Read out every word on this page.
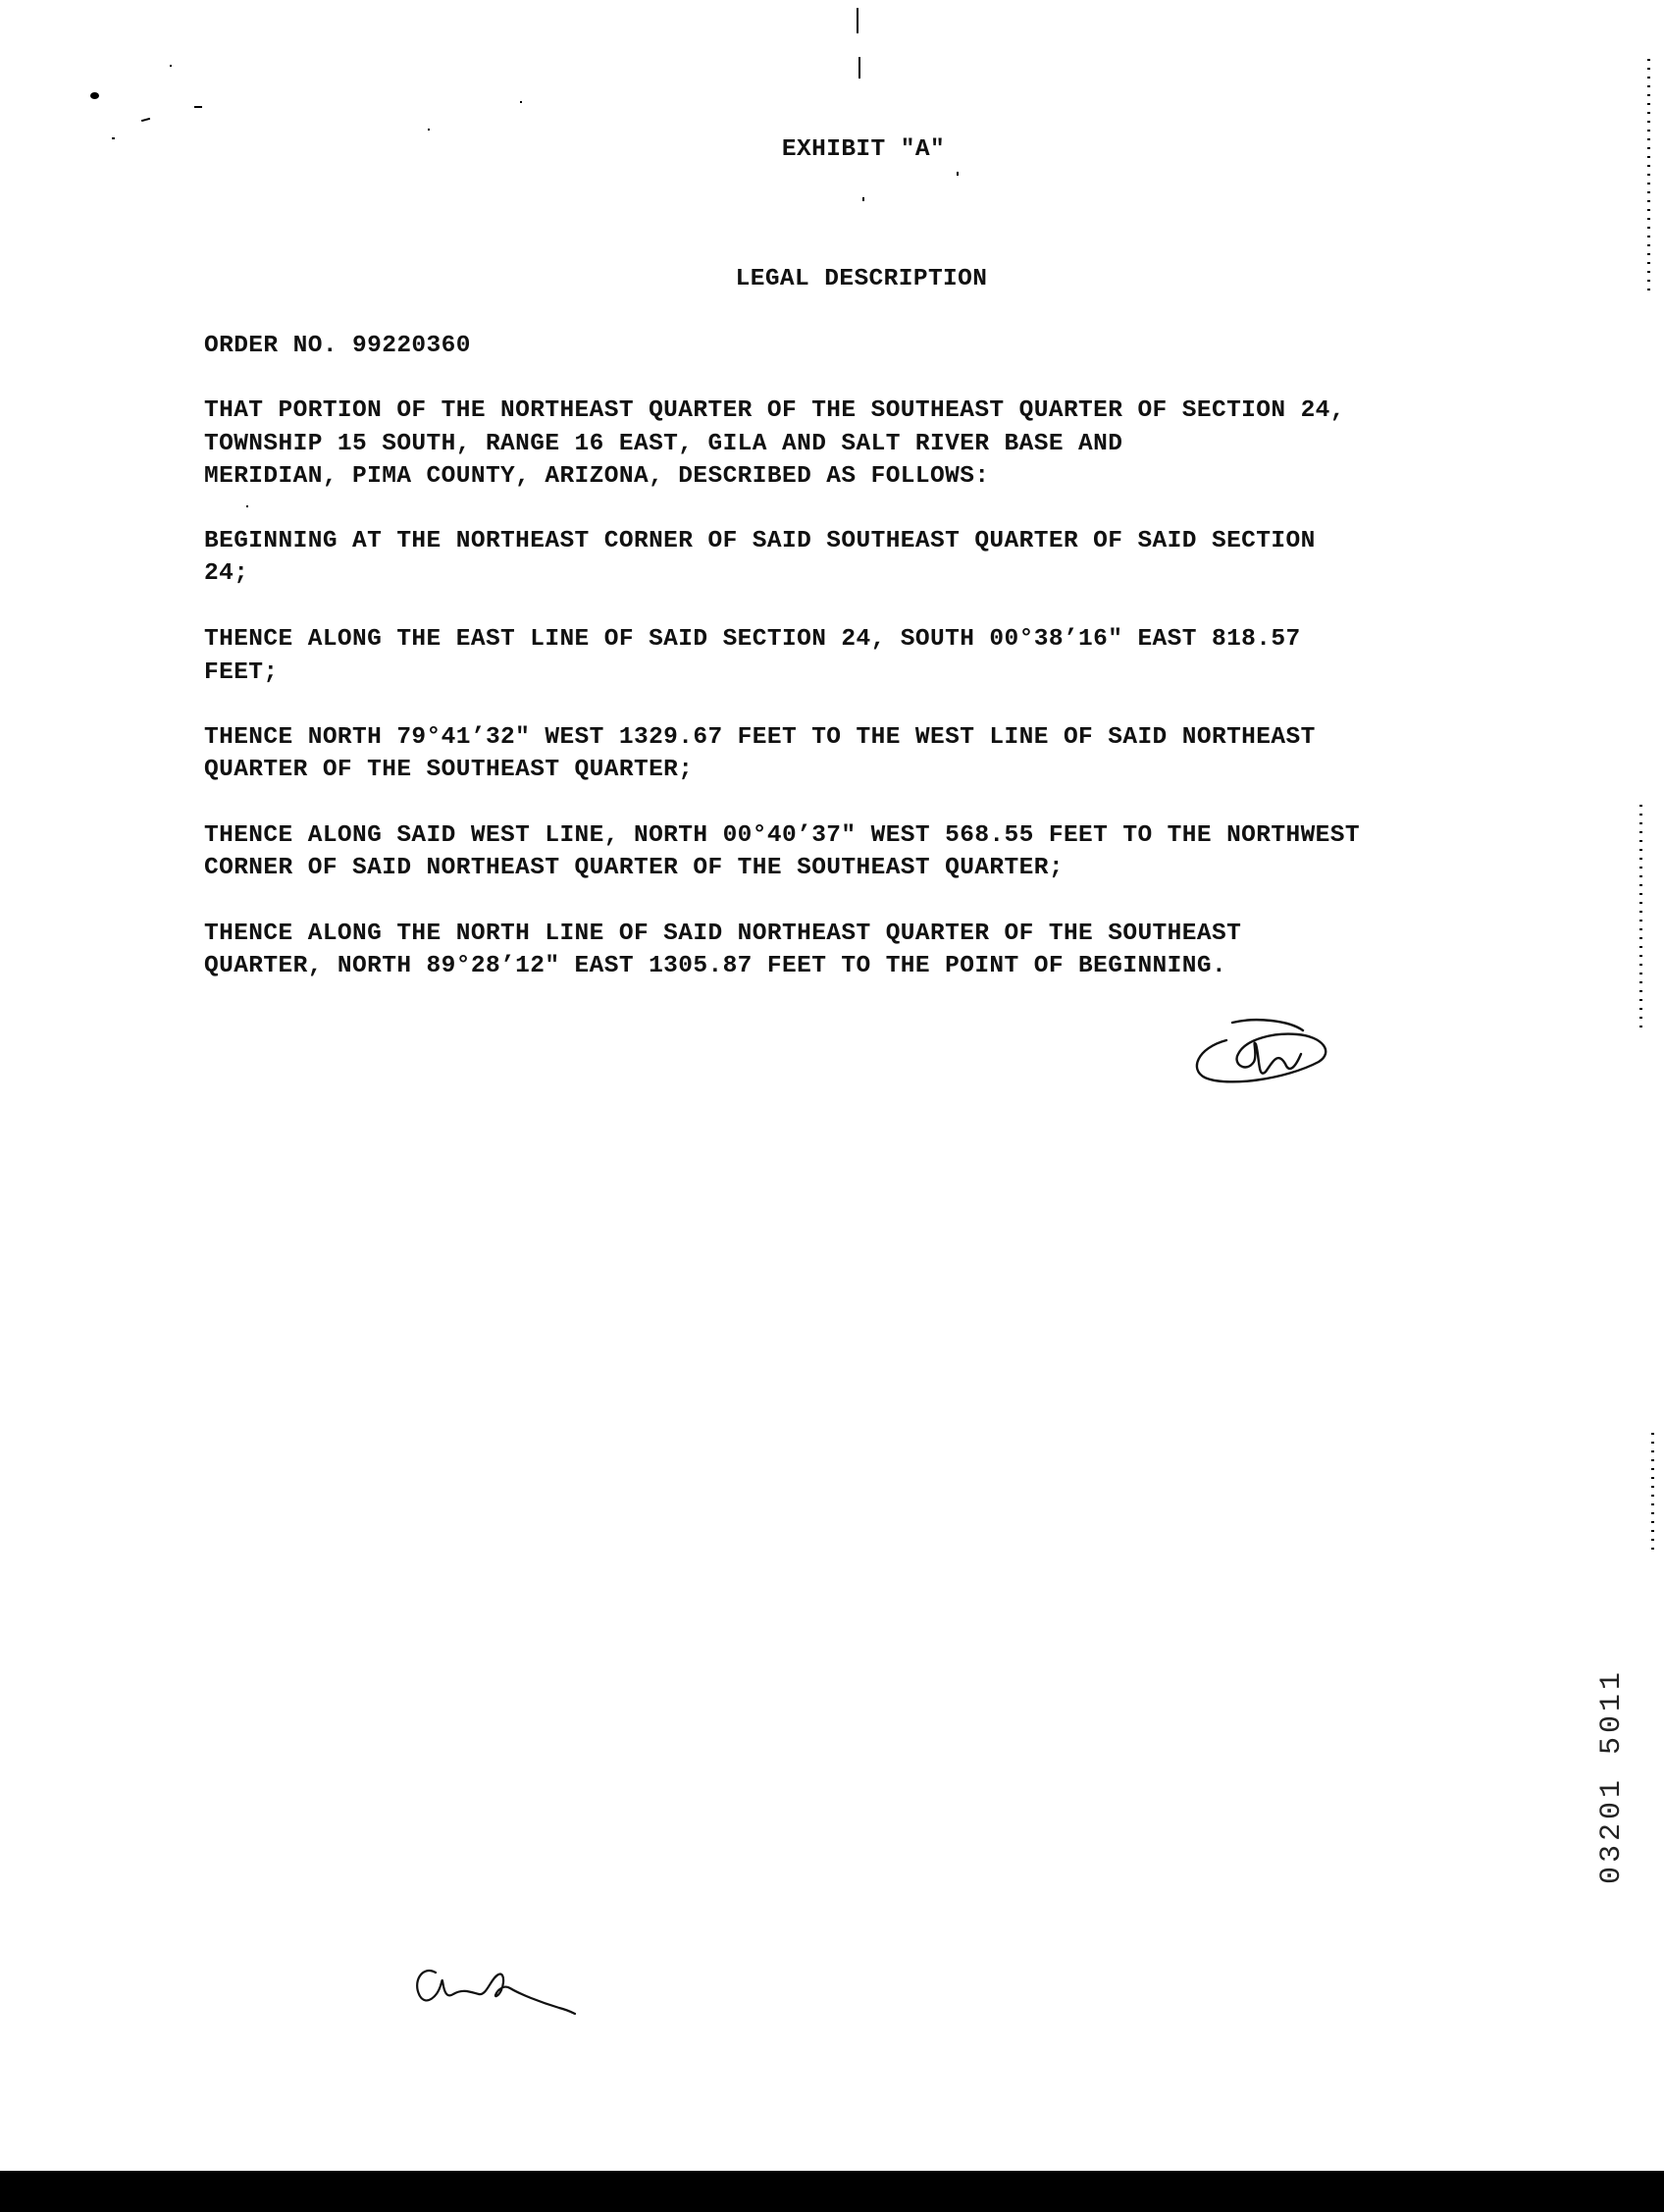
EXHIBIT "A"

LEGAL DESCRIPTION

ORDER NO. 99220360

THAT PORTION OF THE NORTHEAST QUARTER OF THE SOUTHEAST QUARTER OF SECTION 24,

TOWNSHIP 15 SOUTH, RANGE 16 EAST, GILA AND SALT RIVER BASE AND

MERIDIAN, PIMA COUNTY, ARIZONA, DESCRIBED AS FOLLOWS:

BEGINNING AT THE NORTHEAST CORNER OF SAID SOUTHEAST QUARTER OF SAID SECTION

24;

THENCE ALONG THE EAST LINE OF SAID SECTION 24, SOUTH 00°38’16" EAST 818.57

FEET;

THENCE NORTH 79°41’32" WEST 1329.67 FEET TO THE WEST LINE OF SAID NORTHEAST

QUARTER OF THE SOUTHEAST QUARTER;

THENCE ALONG SAID WEST LINE, NORTH 00°40’37" WEST 568.55 FEET TO THE NORTHWEST

CORNER OF SAID NORTHEAST QUARTER OF THE SOUTHEAST QUARTER;

THENCE ALONG THE NORTH LINE OF SAID NORTHEAST QUARTER OF THE SOUTHEAST

QUARTER, NORTH 89°28’12" EAST 1305.87 FEET TO THE POINT OF BEGINNING.

03201 5011
